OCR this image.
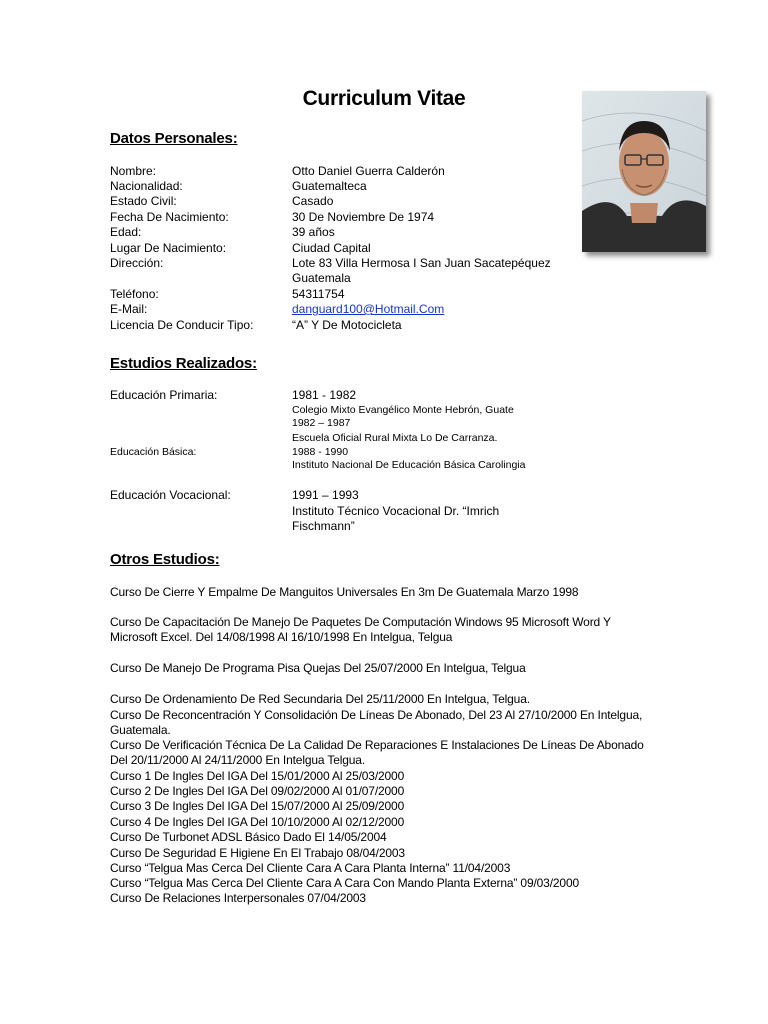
Curriculum Vitae
Datos Personales:
Nombre:	Otto Daniel Guerra Calderón
Nacionalidad:	Guatemalteca
Estado Civil:	Casado
Fecha De Nacimiento:	30 De Noviembre De 1974
Edad:	39 años
Lugar De Nacimiento:	Ciudad Capital
Dirección:	Lote 83 Villa Hermosa I San Juan Sacatepéquez
Guatemala
Teléfono:	54311754
E-Mail:	danguard100@Hotmail.Com
Licencia De Conducir Tipo:	“A” Y De Motocicleta
Estudios Realizados:
Educación Primaria:	1981 - 1982
Colegio Mixto Evangélico Monte Hebrón, Guate
1982 – 1987
Escuela Oficial Rural Mixta Lo De Carranza.
Educación Básica:	1988 - 1990
Instituto Nacional De Educación Básica Carolingia
Educación Vocacional:	1991 – 1993
Instituto Técnico Vocacional Dr. “Imrich
Fischmann”
Otros Estudios:
Curso De Cierre Y Empalme De Manguitos Universales En 3m De Guatemala Marzo 1998
Curso De Capacitación De Manejo De Paquetes De Computación Windows 95 Microsoft Word Y
Microsoft Excel. Del 14/08/1998 Al 16/10/1998 En Intelgua, Telgua
Curso De Manejo De Programa Pisa Quejas Del 25/07/2000 En Intelgua, Telgua
Curso De Ordenamiento De Red Secundaria Del 25/11/2000 En Intelgua, Telgua.
Curso De Reconcentración Y Consolidación De Líneas De Abonado, Del 23 Al 27/10/2000 En Intelgua,
Guatemala.
Curso De Verificación Técnica De La Calidad De Reparaciones E Instalaciones De Líneas De Abonado
Del 20/11/2000 Al 24/11/2000 En Intelgua Telgua.
Curso 1 De Ingles Del IGA Del 15/01/2000 Al 25/03/2000
Curso 2 De Ingles Del IGA Del 09/02/2000 Al 01/07/2000
Curso 3 De Ingles Del IGA Del 15/07/2000 Al 25/09/2000
Curso 4 De Ingles Del IGA Del 10/10/2000 Al 02/12/2000
Curso De Turbonet ADSL Básico Dado El 14/05/2004
Curso De Seguridad E Higiene En El Trabajo 08/04/2003
Curso “Telgua Mas Cerca Del Cliente Cara A Cara Planta Interna” 11/04/2003
Curso “Telgua Mas Cerca Del Cliente Cara A Cara Con Mando Planta Externa” 09/03/2000
Curso De Relaciones Interpersonales 07/04/2003
